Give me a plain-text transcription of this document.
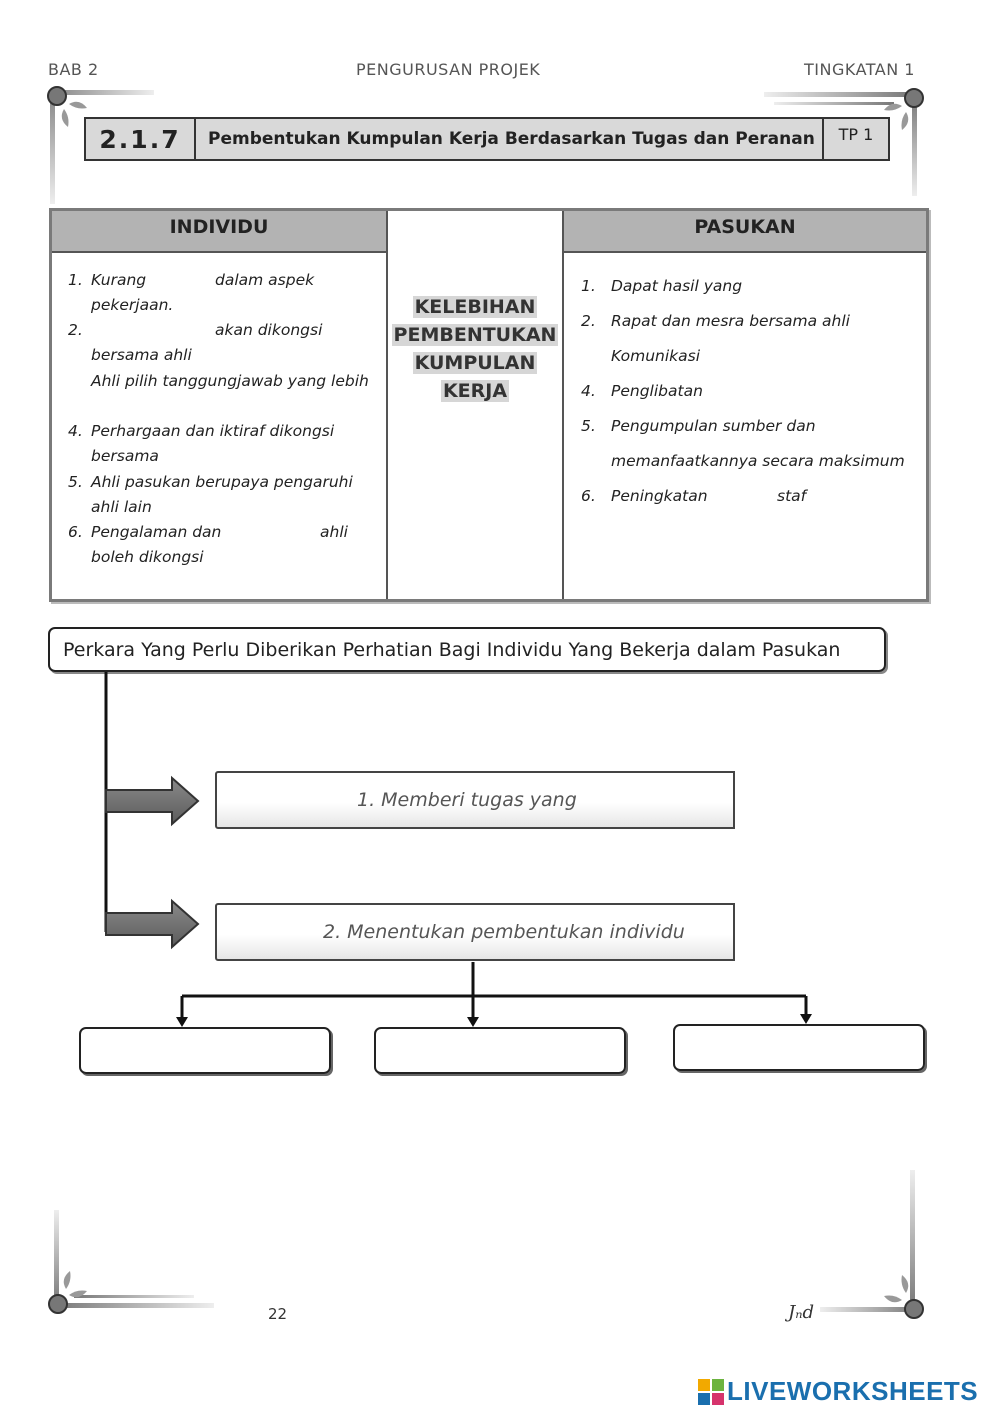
BAB 2	PENGURUSAN PROJEK	TINGKATAN 1
2.1.7	Pembentukan Kumpulan Kerja Berdasarkan Tugas dan Peranan	TP 1
INDIVIDU
1. Kurang	dalam aspek
pekerjaan.
2.	akan dikongsi
bersama ahli
Ahli pilih tanggungjawab yang lebih
4. Perhargaan dan iktiraf dikongsi
bersama
5. Ahli pasukan berupaya pengaruhi
ahli lain
6. Pengalaman dan	ahli
boleh dikongsi
KELEBIHAN
PEMBENTUKAN
KUMPULAN
KERJA
PASUKAN
1. Dapat hasil yang
2. Rapat dan mesra bersama ahli
Komunikasi
4. Penglibatan
5. Pengumpulan sumber dan
memanfaatkannya secara maksimum
6. Peningkatan	staf
Perkara Yang Perlu Diberikan Perhatian Bagi Individu Yang Bekerja dalam Pasukan
1. Memberi tugas yang
2. Menentukan pembentukan individu
22	Jₙd
LIVEWORKSHEETS
